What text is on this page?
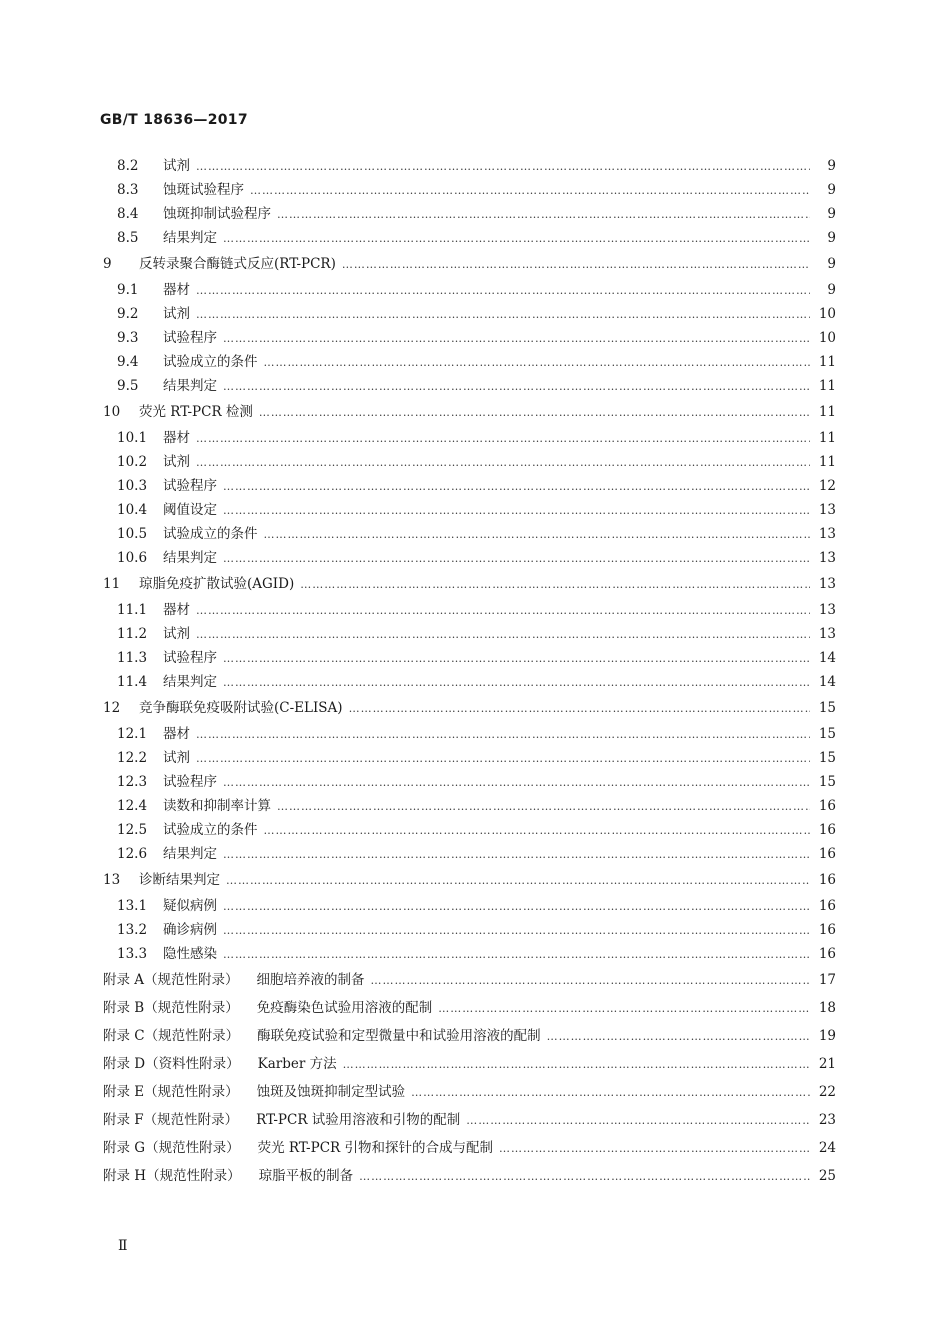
GB/T 18636—2017
8.2	试剂 ……………………………………………………………………………………………………………………………………………………………………………………………………………………	9
8.3	蚀斑试验程序 ……………………………………………………………………………………………………………………………………………………………………………………………………………………	9
8.4	蚀斑抑制试验程序 ……………………………………………………………………………………………………………………………………………………………………………………………………………………	9
8.5	结果判定 ……………………………………………………………………………………………………………………………………………………………………………………………………………………	9
9	反转录聚合酶链式反应(RT-PCR) ……………………………………………………………………………………………………………………………………………………………………………………………………………………	9
9.1	器材 ……………………………………………………………………………………………………………………………………………………………………………………………………………………	9
9.2	试剂 ……………………………………………………………………………………………………………………………………………………………………………………………………………………	10
9.3	试验程序 ……………………………………………………………………………………………………………………………………………………………………………………………………………………	10
9.4	试验成立的条件 ……………………………………………………………………………………………………………………………………………………………………………………………………………………	11
9.5	结果判定 ……………………………………………………………………………………………………………………………………………………………………………………………………………………	11
10	荧光 RT-PCR 检测 ……………………………………………………………………………………………………………………………………………………………………………………………………………………	11
10.1	器材 ……………………………………………………………………………………………………………………………………………………………………………………………………………………	11
10.2	试剂 ……………………………………………………………………………………………………………………………………………………………………………………………………………………	11
10.3	试验程序 ……………………………………………………………………………………………………………………………………………………………………………………………………………………	12
10.4	阈值设定 ……………………………………………………………………………………………………………………………………………………………………………………………………………………	13
10.5	试验成立的条件 ……………………………………………………………………………………………………………………………………………………………………………………………………………………	13
10.6	结果判定 ……………………………………………………………………………………………………………………………………………………………………………………………………………………	13
11	琼脂免疫扩散试验(AGID) ……………………………………………………………………………………………………………………………………………………………………………………………………………………	13
11.1	器材 ……………………………………………………………………………………………………………………………………………………………………………………………………………………	13
11.2	试剂 ……………………………………………………………………………………………………………………………………………………………………………………………………………………	13
11.3	试验程序 ……………………………………………………………………………………………………………………………………………………………………………………………………………………	14
11.4	结果判定 ……………………………………………………………………………………………………………………………………………………………………………………………………………………	14
12	竞争酶联免疫吸附试验(C-ELISA) ……………………………………………………………………………………………………………………………………………………………………………………………………………………	15
12.1	器材 ……………………………………………………………………………………………………………………………………………………………………………………………………………………	15
12.2	试剂 ……………………………………………………………………………………………………………………………………………………………………………………………………………………	15
12.3	试验程序 ……………………………………………………………………………………………………………………………………………………………………………………………………………………	15
12.4	读数和抑制率计算 ……………………………………………………………………………………………………………………………………………………………………………………………………………………	16
12.5	试验成立的条件 ……………………………………………………………………………………………………………………………………………………………………………………………………………………	16
12.6	结果判定 ……………………………………………………………………………………………………………………………………………………………………………………………………………………	16
13	诊断结果判定 ……………………………………………………………………………………………………………………………………………………………………………………………………………………	16
13.1	疑似病例 ……………………………………………………………………………………………………………………………………………………………………………………………………………………	16
13.2	确诊病例 ……………………………………………………………………………………………………………………………………………………………………………………………………………………	16
13.3	隐性感染 ……………………………………………………………………………………………………………………………………………………………………………………………………………………	16
附录 A（规范性附录）	细胞培养液的制备 ……………………………………………………………………………………………………………………………………………………………………………………………………………………	17
附录 B（规范性附录）	免疫酶染色试验用溶液的配制 ……………………………………………………………………………………………………………………………………………………………………………………………………………………	18
附录 C（规范性附录）	酶联免疫试验和定型微量中和试验用溶液的配制 ……………………………………………………………………………………………………………………………………………………………………………………………………………………	19
附录 D（资料性附录）	Karber 方法 ……………………………………………………………………………………………………………………………………………………………………………………………………………………	21
附录 E（规范性附录）	蚀斑及蚀斑抑制定型试验 ……………………………………………………………………………………………………………………………………………………………………………………………………………………	22
附录 F（规范性附录）	RT-PCR 试验用溶液和引物的配制 ……………………………………………………………………………………………………………………………………………………………………………………………………………………	23
附录 G（规范性附录）	荧光 RT-PCR 引物和探针的合成与配制 ……………………………………………………………………………………………………………………………………………………………………………………………………………………	24
附录 H（规范性附录）	琼脂平板的制备 ……………………………………………………………………………………………………………………………………………………………………………………………………………………	25
Ⅱ
